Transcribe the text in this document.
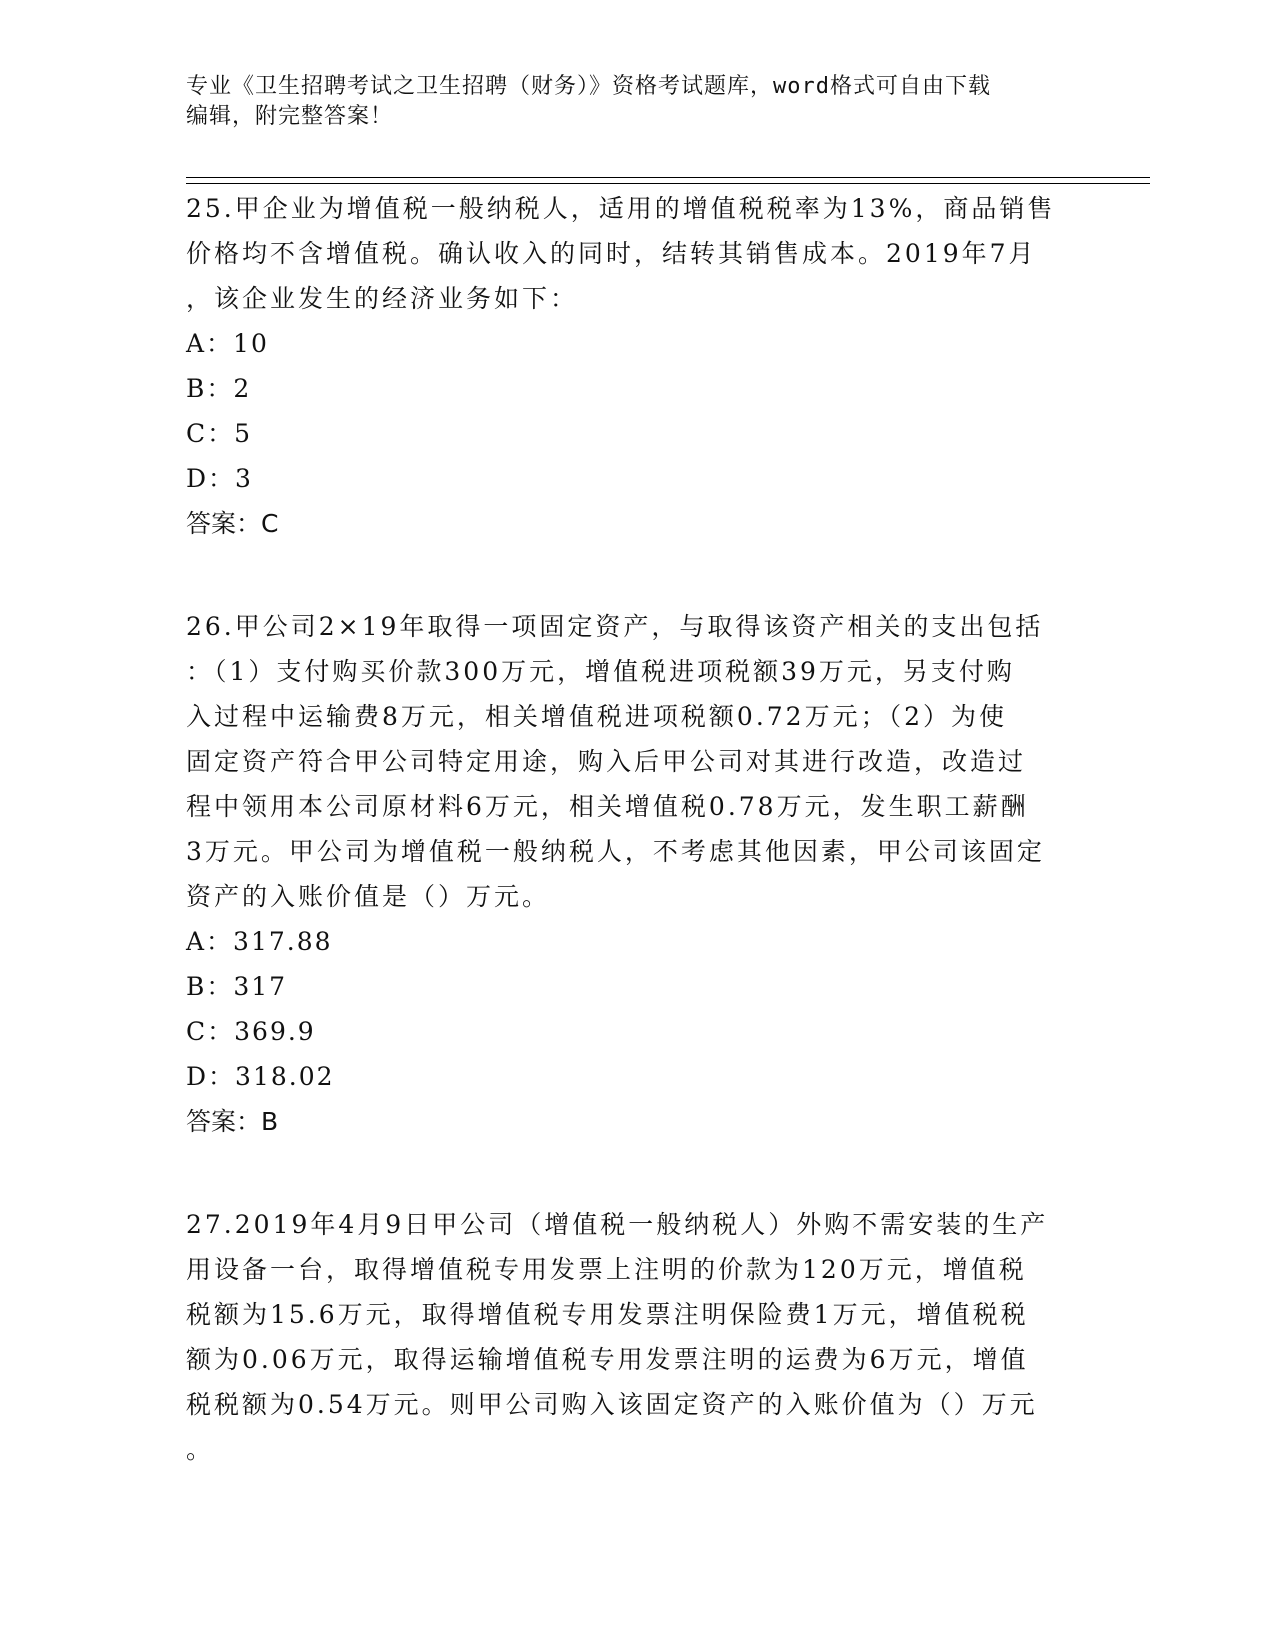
专业《卫生招聘考试之卫生招聘（财务）》资格考试题库，word格式可自由下载
编辑，附完整答案！

25.甲企业为增值税一般纳税人，适用的增值税税率为13%，商品销售

价格均不含增值税。确认收入的同时，结转其销售成本。2019年7月

，该企业发生的经济业务如下：

A：10

B：2

C：5

D：3

答案：C

26.甲公司2×19年取得一项固定资产，与取得该资产相关的支出包括

：（1）支付购买价款300万元，增值税进项税额39万元，另支付购

入过程中运输费8万元，相关增值税进项税额0.72万元；（2）为使

固定资产符合甲公司特定用途，购入后甲公司对其进行改造，改造过

程中领用本公司原材料6万元，相关增值税0.78万元，发生职工薪酬

3万元。甲公司为增值税一般纳税人，不考虑其他因素，甲公司该固定

资产的入账价值是（）万元。

A：317.88

B：317

C：369.9

D：318.02

答案：B

27.2019年4月9日甲公司（增值税一般纳税人）外购不需安装的生产

用设备一台，取得增值税专用发票上注明的价款为120万元，增值税

税额为15.6万元，取得增值税专用发票注明保险费1万元，增值税税

额为0.06万元，取得运输增值税专用发票注明的运费为6万元，增值

税税额为0.54万元。则甲公司购入该固定资产的入账价值为（）万元

。
